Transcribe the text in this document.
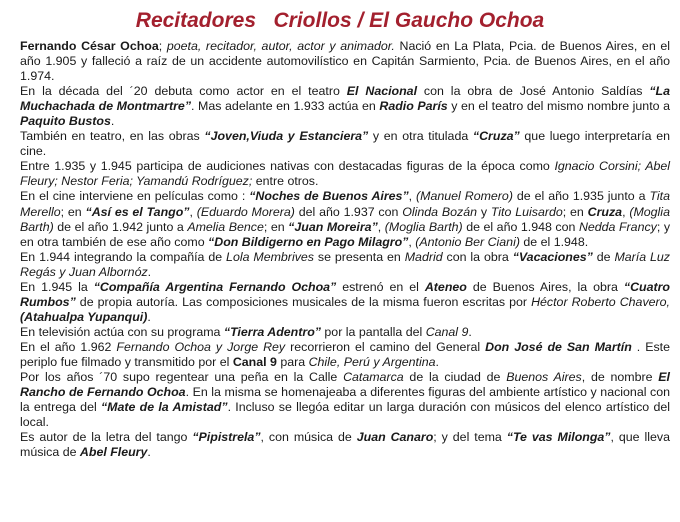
Recitadores   Criollos / El Gaucho Ochoa

Fernando César Ochoa; poeta, recitador, autor, actor y animador. Nació en La Plata, Pcia. de Buenos Aires, en el año 1.905 y falleció a raíz de un accidente automovilístico en Capitán Sarmiento, Pcia. de Buenos Aires, en el año 1.974.

En la década del ´20 debuta como actor en el teatro El Nacional con la obra de José Antonio Saldías “La Muchachada de Montmartre”. Mas adelante en 1.933 actúa en Radio París y en el teatro del mismo nombre junto a Paquito Bustos.

También en teatro, en las obras “Joven,Viuda y Estanciera” y en otra titulada “Cruza” que luego interpretaría en cine.

Entre 1.935 y 1.945 participa de audiciones nativas con destacadas figuras de la época como Ignacio Corsini; Abel Fleury; Nestor Feria; Yamandú Rodríguez; entre otros.

En el cine interviene en películas como : “Noches de Buenos Aires”, (Manuel Romero) de el año 1.935 junto a Tita Merello; en “Así es el Tango”, (Eduardo Morera) del año 1.937 con Olinda Bozán y Tito Luisardo; en Cruza, (Moglia Barth) de el año 1.942 junto a Amelia Bence; en “Juan Moreira”, (Moglia Barth) de el año 1.948 con Nedda Francy; y en otra también de ese año como “Don Bildigerno en Pago Milagro”, (Antonio Ber Ciani) de el 1.948.

En 1.944 integrando la compañía de Lola Membrives se presenta en Madrid con la obra “Vacaciones” de María Luz Regás y Juan Albornóz.

En 1.945 la “Compañía Argentina Fernando Ochoa” estrenó en el Ateneo de Buenos Aires, la obra “Cuatro Rumbos” de propia autoría. Las composiciones musicales de la misma fueron escritas por Héctor Roberto Chavero,(Atahualpa Yupanqui).

En televisión actúa con su programa “Tierra Adentro” por la pantalla del Canal 9.

En el año 1.962 Fernando Ochoa y Jorge Rey recorrieron el camino del General Don José de San Martín . Este periplo fue filmado y transmitido por el Canal 9 para Chile, Perú y Argentina.

Por los años ´70 supo regentear una peña en la Calle Catamarca de la ciudad de Buenos Aires, de nombre El Rancho de Fernando Ochoa. En la misma se homenajeaba a diferentes figuras del ambiente artístico y nacional con la entrega del “Mate de la Amistad”. Incluso se llegóa editar un larga duración con músicos del elenco artístico del local.

Es autor de la letra del tango “Pipistrela”, con música de Juan Canaro; y del tema “Te vas Milonga”, que lleva música de Abel Fleury.
